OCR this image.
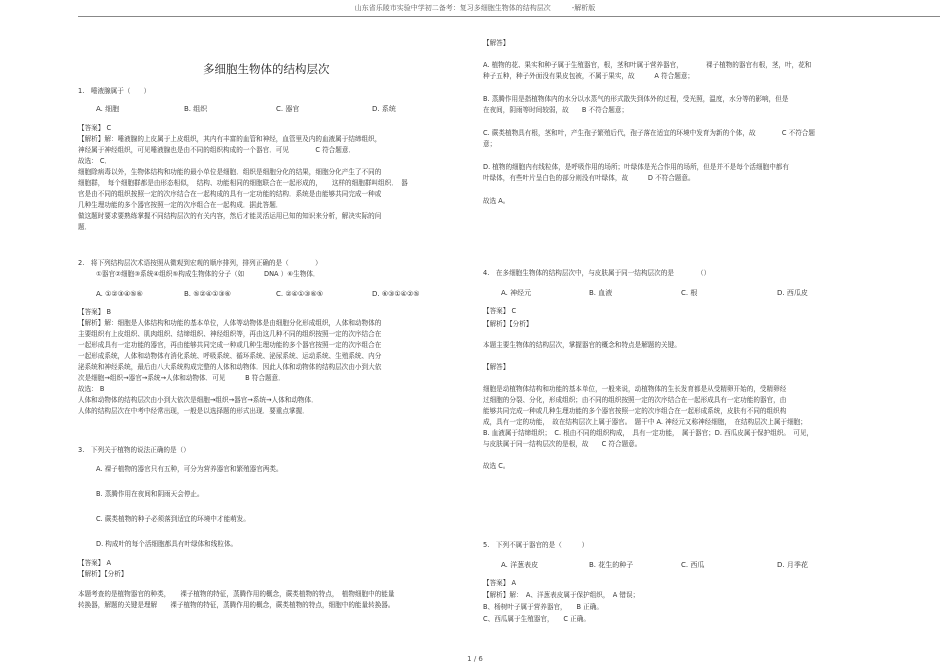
山东省乐陵市实验中学初二备考：复习多细胞生物体的结构层次　　　-解析版
多细胞生物体的结构层次
1.　唾液腺属于（　　）
A. 细胞	B. 组织	C. 器官	D. 系统
【答案】 C
【解析】解：唾液腺的上皮属于上皮组织，其内有丰富的血管和神经，血管里及内的血液属于结缔组织，
神经属于神经组织，可见唾液腺也是由不同的组织构成的一个器官．可见　　　　C 符合题意．
故选： C．
细胞除病毒以外，生物体结构和功能的最小单位是细胞．组织是细胞分化的结果，细胞分化产生了不同的
细胞群，　每个细胞群都是由形态相似，　结构、功能相同的细胞联合在一起形成的，　　这样的细胞群叫组织．　器
官是由不同的组织按照一定的次序结合在一起构成的具有一定功能的结构．系统是由能够共同完成一种或
几种生理功能的多个器官按照一定的次序组合在一起构成．据此答题．
做这题时要求要熟练掌握不同结构层次的有关内容，然后才能灵活运用已知的知识来分析，解决实际的问
题．
2.　将下列结构层次术语按照从微观到宏观的顺序排列，排列正确的是（　　　　）
①器官②细胞③系统④组织⑤构成生物体的分子（如　　　DNA ）⑥生物体．
A. ①②③④⑤⑥	B. ⑤②④①③⑥	C. ②④①③⑥⑤	D. ⑥③①④②⑤
【答案】 B
【解析】解：细胞是人体结构和功能的基本单位，人体等动物体是由细胞分化形成组织，人体和动物体的
主要组织有上皮组织、肌肉组织、结缔组织、神经组织等，再由这几种不同的组织按照一定的次序结合在
一起形成具有一定功能的器官，再由能够共同完成一种或几种生理功能的多个器官按照一定的次序组合在
一起形成系统，人体和动物体有消化系统、呼吸系统、循环系统、泌尿系统、运动系统、生殖系统、内分
泌系统和神经系统，最后由八大系统构成完整的人体和动物体．因此人体和动物体的结构层次由小到大依
次是细胞→组织→器官→系统→人体和动物体．可见　　　B 符合题意．
故选： B
人体和动物体的结构层次由小到大依次是细胞→组织→器官→系统→人体和动物体．
人体的结构层次在中考中经常出现，一般是以选择题的形式出现．要重点掌握．
3.　下列关于植物的说法正确的是（）
A. 裸子植物的器官只有五种，可分为营养器官和繁殖器官两类。
B. 蒸腾作用在夜间和阴雨天会停止。
C. 蕨类植物的种子必须落到适宜的环境中才能萌发。
D. 构成叶的每个活细胞都具有叶绿体和线粒体。
【答案】 A
【解析】【分析】
本题考查的是植物器官的种类，　　裸子植物的特征，蒸腾作用的概念，蕨类植物的特点，　植物细胞中的能量
转换器，解题的关键是理解　　裸子植物的特征，蒸腾作用的概念，蕨类植物的特点，细胞中的能量转换器。
【解答】
A. 植物的花、果实和种子属于生殖器官，根，茎和叶属于营养器官，　　　　裸子植物的器官有根，茎，叶，花和
种子五种，种子外面没有果皮包被，不属于果实，故　　　A 符合题意；
B. 蒸腾作用是指植物体内的水分以水蒸气的形式散失到体外的过程，受光照，温度，水分等的影响，但是
在夜间，阴雨等时间较弱，故　　B 不符合题意；
C. 蕨类植物具有根，茎和叶，产生孢子繁殖后代，孢子落在适宜的环境中发育为新的个体，故　　　　C 不符合题
意；
D. 植物的细胞内有线粒体，是呼吸作用的场所；叶绿体是光合作用的场所，但是并不是每个活细胞中都有
叶绿体，有些叶片呈白色的部分则没有叶绿体，故　　　D 不符合题意。
故选 A。
4.　在多细胞生物体的结构层次中，与皮肤属于同一结构层次的是　　　　（）
A. 神经元	B. 血液	C. 根	D. 西瓜皮
【答案】 C
【解析】【分析】
本题主要生物体的结构层次，掌握器官的概念和特点是解题的关键。
【解答】
细胞是动植物体结构和功能的基本单位，一般来说，动植物体的生长发育都是从受精卵开始的，受精卵经
过细胞的分裂、分化，形成组织；由不同的组织按照一定的次序结合在一起形成具有一定功能的器官，由
能够共同完成一种或几种生理功能的多个器官按照一定的次序组合在一起形成系统，皮肤有不同的组织构
成，具有一定的功能，　故在结构层次上属于器官。　题干中 A. 神经元又称神经细胞，　在结构层次上属于细胞；
B. 血液属于结缔组织；　C. 根由不同的组织构成，　具有一定功能，　属于器官；D. 西瓜皮属于保护组织。　可见，
与皮肤属于同一结构层次的是根，故　　C 符合题意。
故选 C。
5.　下列不属于器官的是（　　　）
A. 洋葱表皮	B. 花生的种子	C. 西瓜	D. 月季花
【答案】 A
【解析】解：　A、洋葱表皮属于保护组织，　A 错误；
B、杨树叶子属于营养器官，　　B 正确。
C、西瓜属于生殖器官，　　C 正确。
1 / 6
